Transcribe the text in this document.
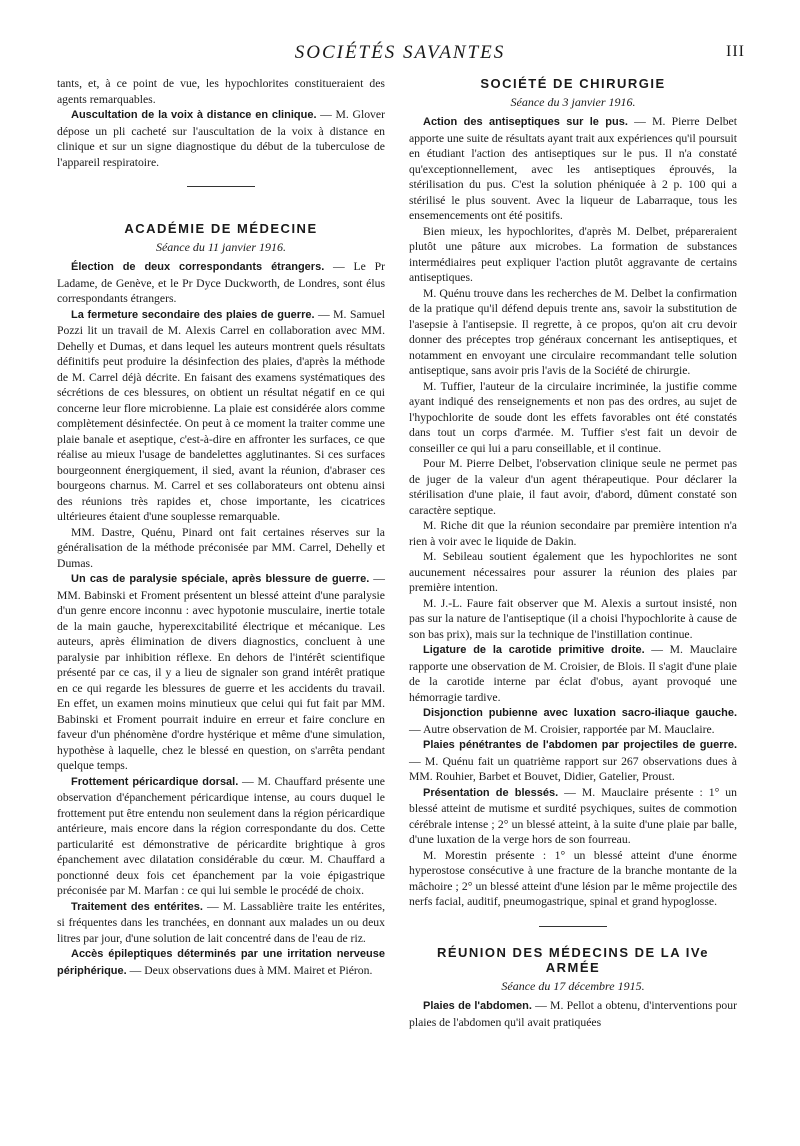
SOCIÉTÉS SAVANTES	III

tants, et, à ce point de vue, les hypochlorites constitueraient des agents remarquables.

Auscultation de la voix à distance en clinique. — M. Glover dépose un pli cacheté sur l'auscultation de la voix à distance en clinique et sur un signe diagnostique du début de la tuberculose de l'appareil respiratoire.

ACADÉMIE DE MÉDECINE

Séance du 11 janvier 1916.

Élection de deux correspondants étrangers. — Le Pr Ladame, de Genève, et le Pr Dyce Duckworth, de Londres, sont élus correspondants étrangers.

La fermeture secondaire des plaies de guerre. — M. Samuel Pozzi lit un travail de M. Alexis Carrel en collaboration avec MM. Dehelly et Dumas, et dans lequel les auteurs montrent quels résultats définitifs peut produire la désinfection des plaies, d'après la méthode de M. Carrel déjà décrite. En faisant des examens systématiques des sécrétions de ces blessures, on obtient un résultat négatif en ce qui concerne leur flore microbienne. La plaie est considérée alors comme complètement désinfectée. On peut à ce moment la traiter comme une plaie banale et aseptique, c'est-à-dire en affronter les surfaces, ce que réalise au mieux l'usage de bandelettes agglutinantes. Si ces surfaces bourgeonnent énergiquement, il sied, avant la réunion, d'abraser ces bourgeons charnus. M. Carrel et ses collaborateurs ont obtenu ainsi des réunions très rapides et, chose importante, les cicatrices ultérieures étaient d'une souplesse remarquable.

MM. Dastre, Quénu, Pinard ont fait certaines réserves sur la généralisation de la méthode préconisée par MM. Carrel, Dehelly et Dumas.

Un cas de paralysie spéciale, après blessure de guerre. — MM. Babinski et Froment présentent un blessé atteint d'une paralysie d'un genre encore inconnu : avec hypotonie musculaire, inertie totale de la main gauche, hyperexcitabilité électrique et mécanique. Les auteurs, après élimination de divers diagnostics, concluent à une paralysie par inhibition réflexe. En dehors de l'intérêt scientifique présenté par ce cas, il y a lieu de signaler son grand intérêt pratique en ce qui regarde les blessures de guerre et les accidents du travail. En effet, un examen moins minutieux que celui qui fut fait par MM. Babinski et Froment pourrait induire en erreur et faire conclure en faveur d'un phénomène d'ordre hystérique et même d'une simulation, hypothèse à laquelle, chez le blessé en question, on s'arrêta pendant quelque temps.

Frottement péricardique dorsal. — M. Chauffard présente une observation d'épanchement péricardique intense, au cours duquel le frottement put être entendu non seulement dans la région péricardique antérieure, mais encore dans la région correspondante du dos. Cette particularité est démonstrative de péricardite brightique à gros épanchement avec dilatation considérable du cœur. M. Chauffard a ponctionné deux fois cet épanchement par la voie épigastrique préconisée par M. Marfan : ce qui lui semble le procédé de choix.

Traitement des entérites. — M. Lassablière traite les entérites, si fréquentes dans les tranchées, en donnant aux malades un ou deux litres par jour, d'une solution de lait concentré dans de l'eau de riz.

Accès épileptiques déterminés par une irritation nerveuse périphérique. — Deux observations dues à MM. Mairet et Piéron.

SOCIÉTÉ DE CHIRURGIE

Séance du 3 janvier 1916.

Action des antiseptiques sur le pus. — M. Pierre Delbet apporte une suite de résultats ayant trait aux expériences qu'il poursuit en étudiant l'action des antiseptiques sur le pus. Il n'a constaté qu'exceptionnellement, avec les antiseptiques éprouvés, la stérilisation du pus. C'est la solution phéniquée à 2 p. 100 qui a stérilisé le plus souvent. Avec la liqueur de Labarraque, tous les ensemencements ont été positifs.

Bien mieux, les hypochlorites, d'après M. Delbet, prépareraient plutôt une pâture aux microbes. La formation de substances intermédiaires peut expliquer l'action plutôt aggravante de certains antiseptiques.

M. Quénu trouve dans les recherches de M. Delbet la confirmation de la pratique qu'il défend depuis trente ans, savoir la substitution de l'asepsie à l'antisepsie. Il regrette, à ce propos, qu'on ait cru devoir donner des préceptes trop généraux concernant les antiseptiques, et notamment en envoyant une circulaire recommandant telle solution antiseptique, sans avoir pris l'avis de la Société de chirurgie.

M. Tuffier, l'auteur de la circulaire incriminée, la justifie comme ayant indiqué des renseignements et non pas des ordres, au sujet de l'hypochlorite de soude dont les effets favorables ont été constatés dans tout un corps d'armée. M. Tuffier s'est fait un devoir de conseiller ce qui lui a paru conseillable, et il continue.

Pour M. Pierre Delbet, l'observation clinique seule ne permet pas de juger de la valeur d'un agent thérapeutique. Pour déclarer la stérilisation d'une plaie, il faut avoir, d'abord, dûment constaté son caractère septique.

M. Riche dit que la réunion secondaire par première intention n'a rien à voir avec le liquide de Dakin.

M. Sebileau soutient également que les hypochlorites ne sont aucunement nécessaires pour assurer la réunion des plaies par première intention.

M. J.-L. Faure fait observer que M. Alexis a surtout insisté, non pas sur la nature de l'antiseptique (il a choisi l'hypochlorite à cause de son bas prix), mais sur la technique de l'instillation continue.

Ligature de la carotide primitive droite. — M. Mauclaire rapporte une observation de M. Croisier, de Blois. Il s'agit d'une plaie de la carotide interne par éclat d'obus, ayant provoqué une hémorragie tardive.

Disjonction pubienne avec luxation sacro-iliaque gauche. — Autre observation de M. Croisier, rapportée par M. Mauclaire.

Plaies pénétrantes de l'abdomen par projectiles de guerre. — M. Quénu fait un quatrième rapport sur 267 observations dues à MM. Rouhier, Barbet et Bouvet, Didier, Gatelier, Proust.

Présentation de blessés. — M. Mauclaire présente : 1° un blessé atteint de mutisme et surdité psychiques, suites de commotion cérébrale intense ; 2° un blessé atteint, à la suite d'une plaie par balle, d'une luxation de la verge hors de son fourreau.

M. Morestin présente : 1° un blessé atteint d'une énorme hyperostose consécutive à une fracture de la branche montante de la mâchoire ; 2° un blessé atteint d'une lésion par le même projectile des nerfs facial, auditif, pneumogastrique, spinal et grand hypoglosse.

RÉUNION DES MÉDECINS DE LA IVe ARMÉE

Séance du 17 décembre 1915.

Plaies de l'abdomen. — M. Pellot a obtenu, d'interventions pour plaies de l'abdomen qu'il avait pratiquées
